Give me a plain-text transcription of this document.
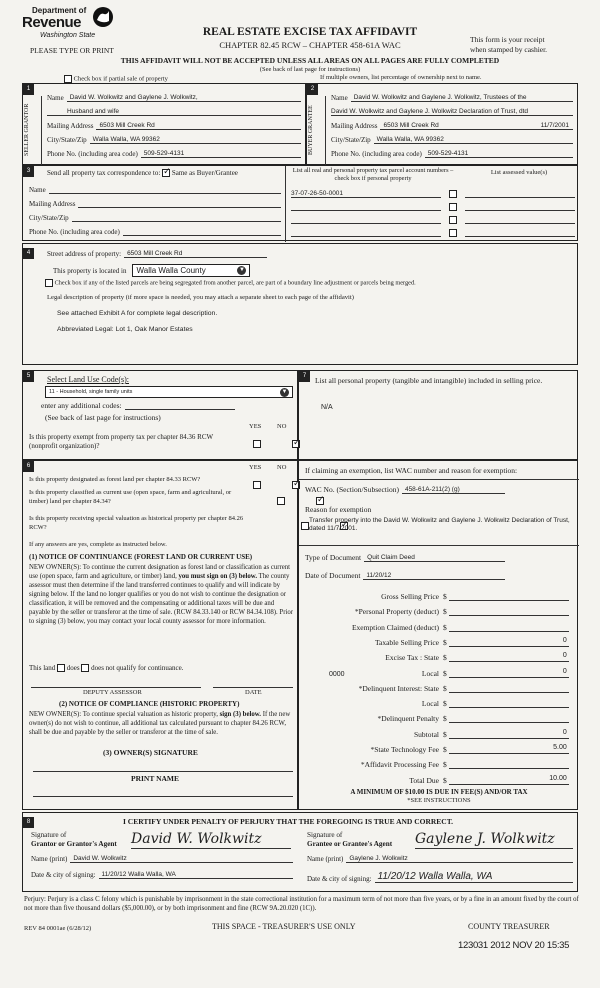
Department of
Revenue
Washington State
PLEASE TYPE OR PRINT
REAL ESTATE EXCISE TAX AFFIDAVIT
CHAPTER 82.45 RCW – CHAPTER 458-61A WAC
This form is your receipt
when stamped by cashier.
THIS AFFIDAVIT WILL NOT BE ACCEPTED UNLESS ALL AREAS ON ALL PAGES ARE FULLY COMPLETED
(See back of last page for instructions)
Check box if partial sale of property	If multiple owners, list percentage of ownership next to name.
1
SELLER GRANTOR
Name David W. Wolkwitz and Gaylene J. Wolkwitz,
Husband and wife
Mailing Address 6503 Mill Creek Rd
City/State/Zip Walla Walla, WA 99362
Phone No. (including area code) 509-529-4131
2
BUYER GRANTEE
Name David W. Wolkwitz and Gaylene J. Wolkwitz, Trustees of the
David W. Wolkwitz and Gaylene J. Wolkwitz Declaration of Trust, dtd
Mailing Address 6503 Mill Creek Rd	11/7/2001
City/State/Zip Walla Walla, WA 99362
Phone No. (including area code) 509-529-4131
3	Send all property tax correspondence to: ✓ Same as Buyer/Grantee
Name
Mailing Address
City/State/Zip
Phone No. (including area code)
List all real and personal property tax parcel account numbers – check box if personal property
List assessed value(s)
37-07-26-50-0001
4	Street address of property: 6503 Mill Creek Rd
This property is located in Walla Walla County	▼
Check box if any of the listed parcels are being segregated from another parcel, are part of a boundary line adjustment or parcels being merged.
Legal description of property (if more space is needed, you may attach a separate sheet to each page of the affidavit)
See attached Exhibit A for complete legal description.
Abbreviated Legal: Lot 1, Oak Manor Estates
5	Select Land Use Code(s):
11 - Household, single family units	▼
enter any additional codes:
(See back of last page for instructions)
YES NO
Is this property exempt from property tax per chapter 84.36 RCW (nonprofit organization)?
✓
7	List all personal property (tangible and intangible) included in selling price.
N/A
6	YES NO
Is this property designated as forest land per chapter 84.33 RCW?
✓
Is this property classified as current use (open space, farm and agricultural, or timber) land per chapter 84.34?
✓
Is this property receiving special valuation as historical property per chapter 84.26 RCW?
✓
If any answers are yes, complete as instructed below.
(1) NOTICE OF CONTINUANCE (FOREST LAND OR CURRENT USE)
NEW OWNER(S): To continue the current designation as forest land or classification as current use (open space, farm and agriculture, or timber) land, you must sign on (3) below. The county assessor must then determine if the land transferred continues to qualify and will indicate by signing below. If the land no longer qualifies or you do not wish to continue the designation or classification, it will be removed and the compensating or additional taxes will be due and payable by the seller or transferor at the time of sale. (RCW 84.33.140 or RCW 84.34.108). Prior to signing (3) below, you may contact your local county assessor for more information.
This land does does not qualify for continuance.
DEPUTY ASSESSOR	DATE
(2) NOTICE OF COMPLIANCE (HISTORIC PROPERTY)
NEW OWNER(S): To continue special valuation as historic property, sign (3) below. If the new owner(s) do not wish to continue, all additional tax calculated pursuant to chapter 84.26 RCW, shall be due and payable by the seller or transferor at the time of sale.
(3) OWNER(S) SIGNATURE
PRINT NAME
If claiming an exemption, list WAC number and reason for exemption:
WAC No. (Section/Subsection) 458-61A-211(2) (g)
Reason for exemption
Transfer property into the David W. Wolkwitz and Gaylene J. Wolkwitz Declaration of Trust, dated 11/7/2001.
Type of Document Quit Claim Deed
Date of Document 11/20/12
Gross Selling Price $
*Personal Property (deduct) $
Exemption Claimed (deduct) $
Taxable Selling Price $	0
Excise Tax : State $	0
0000	Local $	0
*Delinquent Interest: State $
Local $
*Delinquent Penalty $
Subtotal $	0
*State Technology Fee $	5.00
*Affidavit Processing Fee $
Total Due $	10.00
A MINIMUM OF $10.00 IS DUE IN FEE(S) AND/OR TAX
*SEE INSTRUCTIONS
8	I CERTIFY UNDER PENALTY OF PERJURY THAT THE FOREGOING IS TRUE AND CORRECT.
Signature of
Grantor or Grantor's Agent David W. Wolkwitz
Name (print) David W. Wolkwitz
Date & city of signing: 11/20/12 Walla Walla, WA
Signature of
Grantee or Grantee's Agent Gaylene J. Wolkwitz
Name (print) Gaylene J. Wolkwitz
Date & city of signing: 11/20/12 Walla Walla, WA
Perjury: Perjury is a class C felony which is punishable by imprisonment in the state correctional institution for a maximum term of not more than five years, or by a fine in an amount fixed by the court of not more than five thousand dollars ($5,000.00), or by both imprisonment and fine (RCW 9A.20.020 (1C)).
REV 84 0001ae (6/28/12)	THIS SPACE - TREASURER'S USE ONLY	COUNTY TREASURER
123031 2012 NOV 20 15:35
